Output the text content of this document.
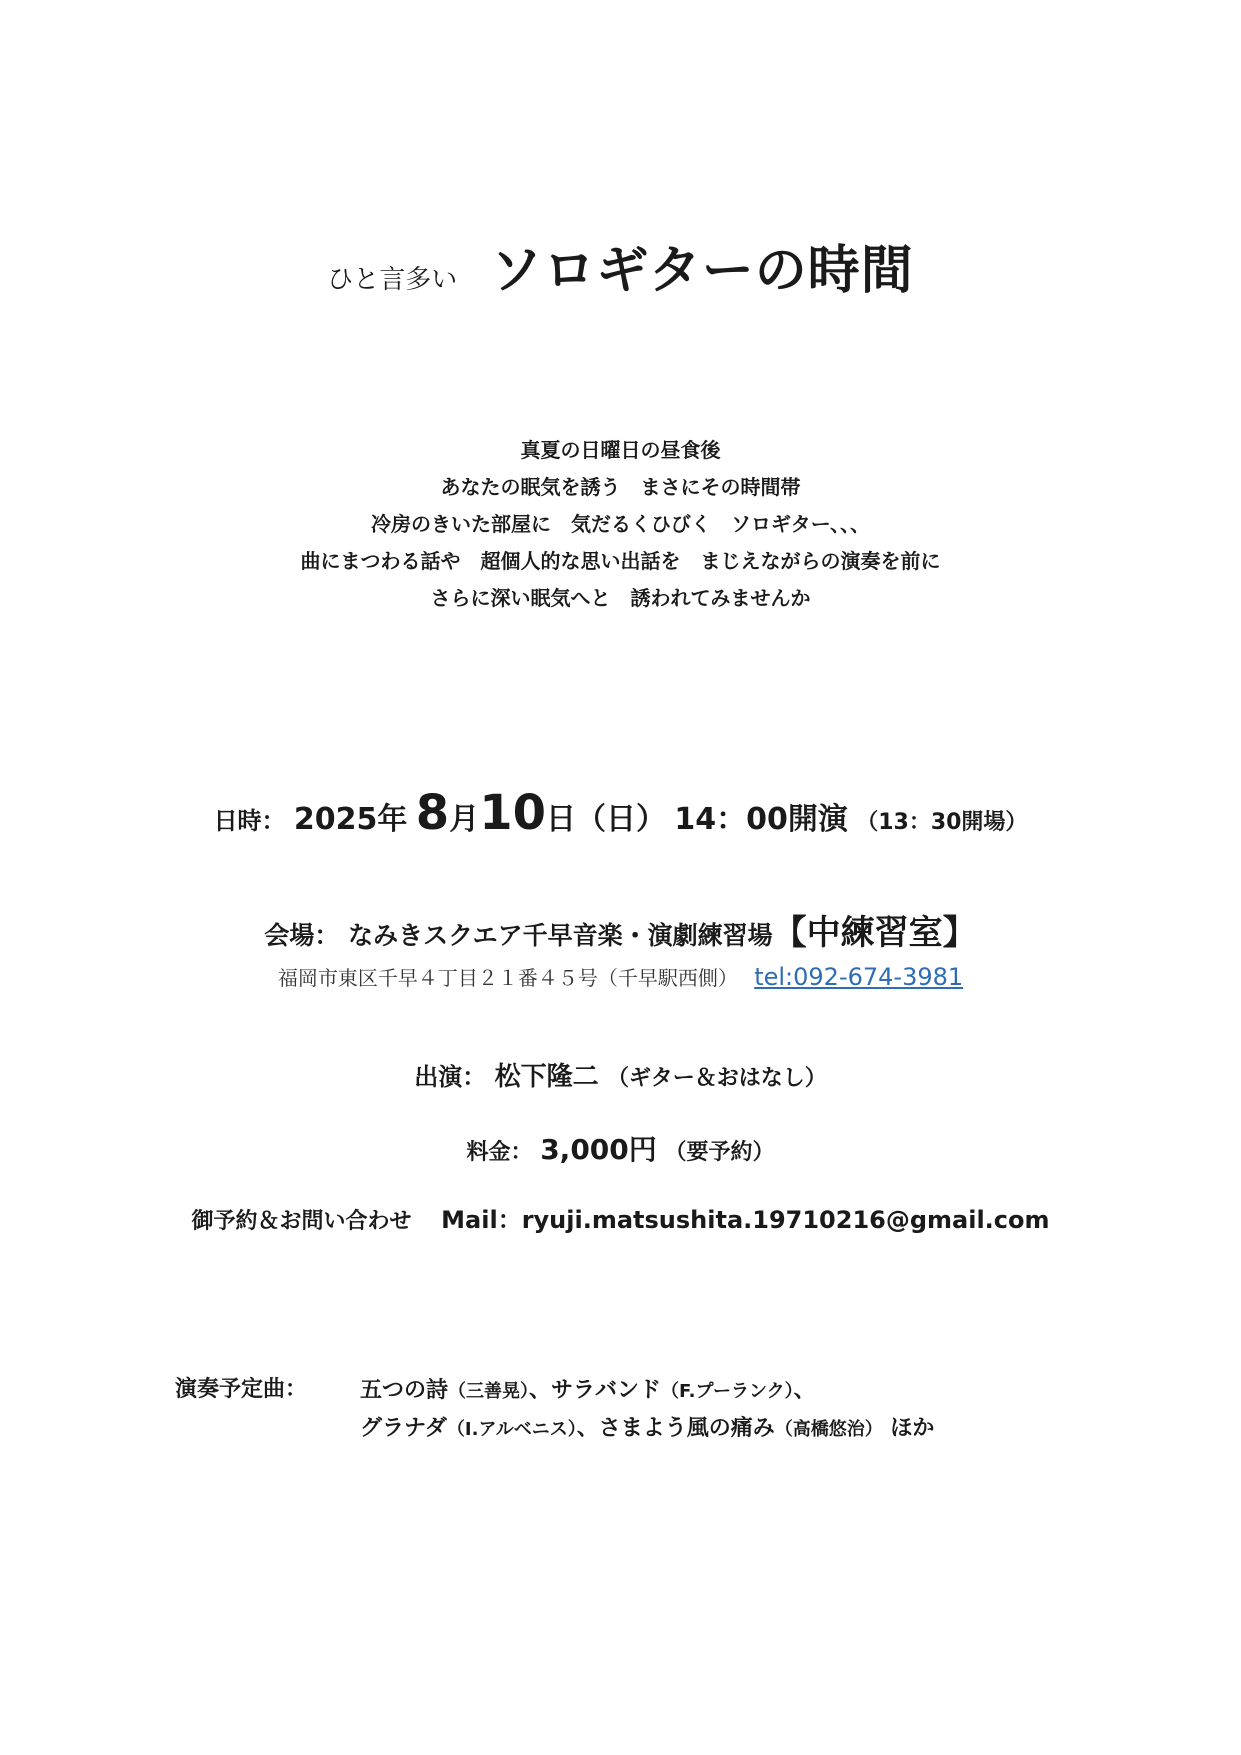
ひと言多い ソロギターの時間
真夏の日曜日の昼食後
あなたの眠気を誘う　まさにその時間帯
冷房のきいた部屋に　気だるくひびく　ソロギター、、、
曲にまつわる話や　超個人的な思い出話を　まじえながらの演奏を前に
さらに深い眠気へと　誘われてみませんか
日時： 2025年 8月10日（日） 14：00開演 （13：30開場）
会場： なみきスクエア千早音楽・演劇練習場【中練習室】
福岡市東区千早４丁目２１番４５号（千早駅西側） tel:092-674-3981
出演： 松下隆二 （ギター＆おはなし）
料金： 3,000円 （要予約）
御予約＆お問い合わせ　 Mail：ryuji.matsushita.19710216@gmail.com
演奏予定曲： 五つの詩（三善晃）、サラバンド（F.プーランク）、
グラナダ（I.アルベニス）、さまよう風の痛み（高橋悠治） ほか
